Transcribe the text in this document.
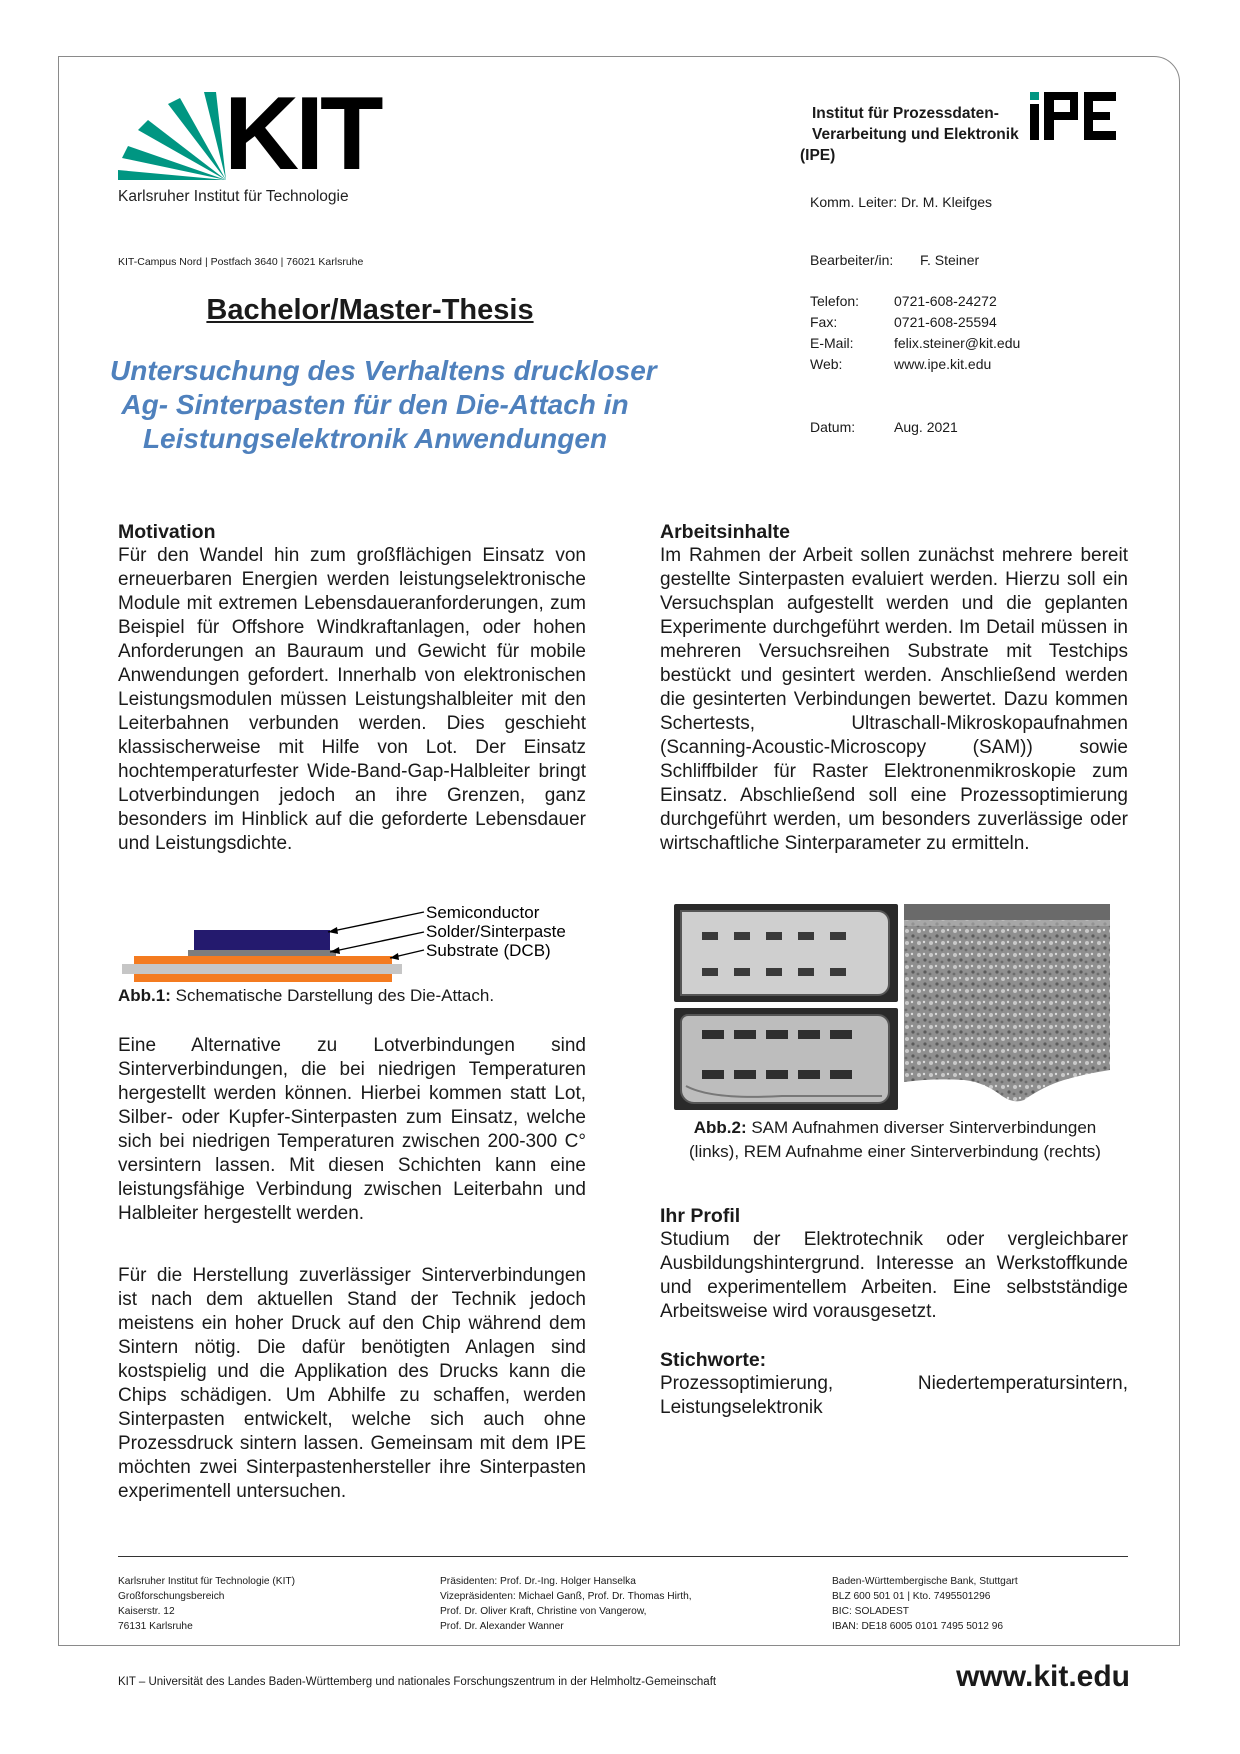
KIT
Karlsruher Institut für Technologie
KIT-Campus Nord | Postfach 3640 | 76021 Karlsruhe
Institut für Prozessdaten-
Verarbeitung und Elektronik
(IPE)
Komm. Leiter: Dr. M. Kleifges
Bearbeiter/in: F. Steiner
Telefon: 0721-608-24272
Fax:	0721-608-25594
E-Mail:	felix.steiner@kit.edu
Web:	www.ipe.kit.edu
Datum:	Aug. 2021
Bachelor/Master-Thesis
Untersuchung des Verhaltens druckloser
Ag- Sinterpasten für den Die-Attach in
Leistungselektronik Anwendungen
Motivation

Für den Wandel hin zum großflächigen Einsatz von erneuerbaren Energien werden leistungselektronische Module mit extremen Lebensdaueranforderungen, zum Beispiel für Offshore Windkraftanlagen, oder hohen Anforderungen an Bauraum und Gewicht für mobile Anwendungen gefordert. Innerhalb von elektronischen Leistungsmodulen müssen Leistungshalbleiter mit den Leiterbahnen verbunden werden. Dies geschieht klassischerweise mit Hilfe von Lot. Der Einsatz hochtemperaturfester Wide-Band-Gap-Halbleiter bringt Lotverbindungen jedoch an ihre Grenzen, ganz besonders im Hinblick auf die geforderte Lebensdauer und Leistungsdichte.

Semiconductor
Solder/Sinterpaste
Substrate (DCB)
Abb.1: Schematische Darstellung des Die-Attach.

Eine Alternative zu Lotverbindungen sind Sinterverbindungen, die bei niedrigen Temperaturen hergestellt werden können. Hierbei kommen statt Lot, Silber- oder Kupfer-Sinterpasten zum Einsatz, welche sich bei niedrigen Temperaturen zwischen 200-300 C° versintern lassen. Mit diesen Schichten kann eine leistungsfähige Verbindung zwischen Leiterbahn und Halbleiter hergestellt werden.

Für die Herstellung zuverlässiger Sinterverbindungen ist nach dem aktuellen Stand der Technik jedoch meistens ein hoher Druck auf den Chip während dem Sintern nötig. Die dafür benötigten Anlagen sind kostspielig und die Applikation des Drucks kann die Chips schädigen. Um Abhilfe zu schaffen, werden Sinterpasten entwickelt, welche sich auch ohne Prozessdruck sintern lassen. Gemeinsam mit dem IPE möchten zwei Sinterpastenhersteller ihre Sinterpasten experimentell untersuchen.

Arbeitsinhalte

Im Rahmen der Arbeit sollen zunächst mehrere bereit gestellte Sinterpasten evaluiert werden. Hierzu soll ein Versuchsplan aufgestellt werden und die geplanten Experimente durchgeführt werden. Im Detail müssen in mehreren Versuchsreihen Substrate mit Testchips bestückt und gesintert werden. Anschließend werden die gesinterten Verbindungen bewertet. Dazu kommen Schertests, Ultraschall-Mikroskopaufnahmen (Scanning-Acoustic-Microscopy (SAM)) sowie Schliffbilder für Raster Elektronenmikroskopie zum Einsatz. Abschließend soll eine Prozessoptimierung durchgeführt werden, um besonders zuverlässige oder wirtschaftliche Sinterparameter zu ermitteln.

Abb.2: SAM Aufnahmen diverser Sinterverbindungen
(links), REM Aufnahme einer Sinterverbindung (rechts)
Ihr Profil

Studium der Elektrotechnik oder vergleichbarer Ausbildungshintergrund. Interesse an Werkstoffkunde und experimentellem Arbeiten. Eine selbstständige Arbeitsweise wird vorausgesetzt.

Stichworte:
Prozessoptimierung,	Niedertemperatursintern,
Leistungselektronik
Karlsruher Institut für Technologie (KIT)
Großforschungsbereich
Kaiserstr. 12
76131 Karlsruhe
Präsidenten: Prof. Dr.-Ing. Holger Hanselka
Vizepräsidenten: Michael Ganß, Prof. Dr. Thomas Hirth,
Prof. Dr. Oliver Kraft, Christine von Vangerow,
Prof. Dr. Alexander Wanner
Baden-Württembergische Bank, Stuttgart
BLZ 600 501 01 | Kto. 7495501296
BIC: SOLADEST
IBAN: DE18 6005 0101 7495 5012 96
KIT – Universität des Landes Baden-Württemberg und nationales Forschungszentrum in der Helmholtz-Gemeinschaft	www.kit.edu
